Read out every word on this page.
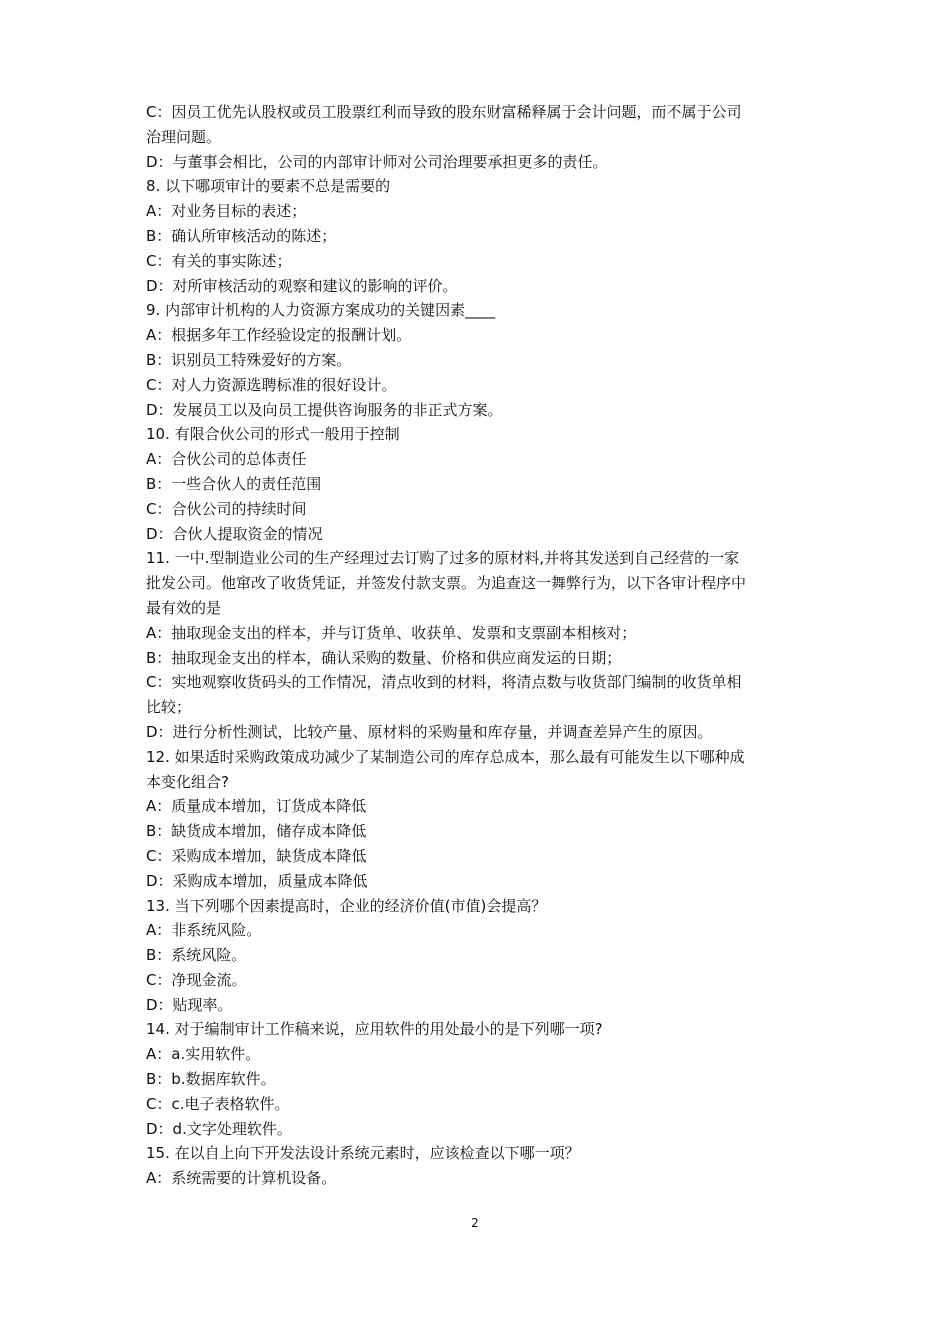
C：因员工优先认股权或员工股票红利而导致的股东财富稀释属于会计问题，而不属于公司
治理问题。
D：与董事会相比，公司的内部审计师对公司治理要承担更多的责任。
8. 以下哪项审计的要素不总是需要的
A：对业务目标的表述；
B：确认所审核活动的陈述；
C：有关的事实陈述；
D：对所审核活动的观察和建议的影响的评价。
9. 内部审计机构的人力资源方案成功的关键因素____
A：根据多年工作经验设定的报酬计划。
B：识别员工特殊爱好的方案。
C：对人力资源选聘标准的很好设计。
D：发展员工以及向员工提供咨询服务的非正式方案。
10. 有限合伙公司的形式一般用于控制
A：合伙公司的总体责任
B：一些合伙人的责任范围
C：合伙公司的持续时间
D：合伙人提取资金的情况
11. 一中.型制造业公司的生产经理过去订购了过多的原材料,并将其发送到自己经营的一家
批发公司。他窜改了收货凭证，并签发付款支票。为追查这一舞弊行为，以下各审计程序中
最有效的是
A：抽取现金支出的样本，并与订货单、收获单、发票和支票副本相核对；
B：抽取现金支出的样本，确认采购的数量、价格和供应商发运的日期；
C：实地观察收货码头的工作情况，清点收到的材料，将清点数与收货部门编制的收货单相
比较；
D：进行分析性测试，比较产量、原材料的采购量和库存量，并调查差异产生的原因。
12. 如果适时采购政策成功减少了某制造公司的库存总成本，那么最有可能发生以下哪种成
本变化组合?
A：质量成本增加，订货成本降低
B：缺货成本增加，储存成本降低
C：采购成本增加，缺货成本降低
D：采购成本增加，质量成本降低
13. 当下列哪个因素提高时，企业的经济价值(市值)会提高？
A：非系统风险。
B：系统风险。
C：净现金流。
D：贴现率。
14. 对于编制审计工作稿来说，应用软件的用处最小的是下列哪一项?
A：a.实用软件。
B：b.数据库软件。
C：c.电子表格软件。
D：d.文字处理软件。
15. 在以自上向下开发法设计系统元素时，应该检查以下哪一项？
A：系统需要的计算机设备。
2
